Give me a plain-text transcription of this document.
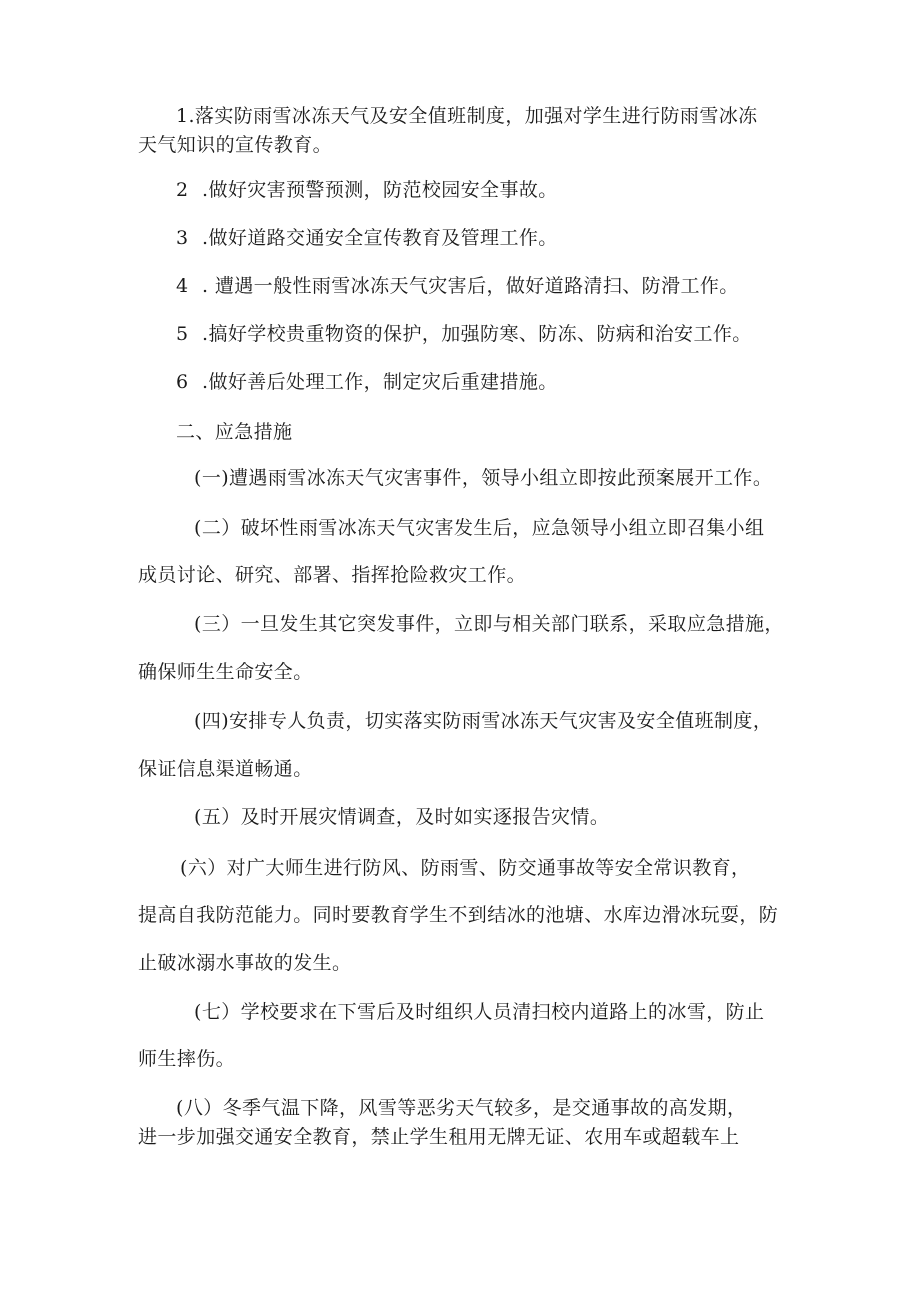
1.落实防雨雪冰冻天气及安全值班制度，加强对学生进行防雨雪冰冻
天气知识的宣传教育。
2 .做好灾害预警预测，防范校园安全事故。
3 .做好道路交通安全宣传教育及管理工作。
4 . 遭遇一般性雨雪冰冻天气灾害后，做好道路清扫、防滑工作。
5 .搞好学校贵重物资的保护，加强防寒、防冻、防病和治安工作。
6 .做好善后处理工作，制定灾后重建措施。
二、应急措施
(一)遭遇雨雪冰冻天气灾害事件，领导小组立即按此预案展开工作。
(二）破坏性雨雪冰冻天气灾害发生后，应急领导小组立即召集小组
成员讨论、研究、部署、指挥抢险救灾工作。
(三）一旦发生其它突发事件，立即与相关部门联系，采取应急措施，
确保师生生命安全。
(四)安排专人负责，切实落实防雨雪冰冻天气灾害及安全值班制度，
保证信息渠道畅通。
(五）及时开展灾情调查，及时如实逐报告灾情。
(六）对广大师生进行防风、防雨雪、防交通事故等安全常识教育，
提高自我防范能力。同时要教育学生不到结冰的池塘、水库边滑冰玩耍，防
止破冰溺水事故的发生。
(七）学校要求在下雪后及时组织人员清扫校内道路上的冰雪，防止
师生摔伤。
(八）冬季气温下降，风雪等恶劣天气较多，是交通事故的高发期，
进一步加强交通安全教育，禁止学生租用无牌无证、农用车或超载车上
